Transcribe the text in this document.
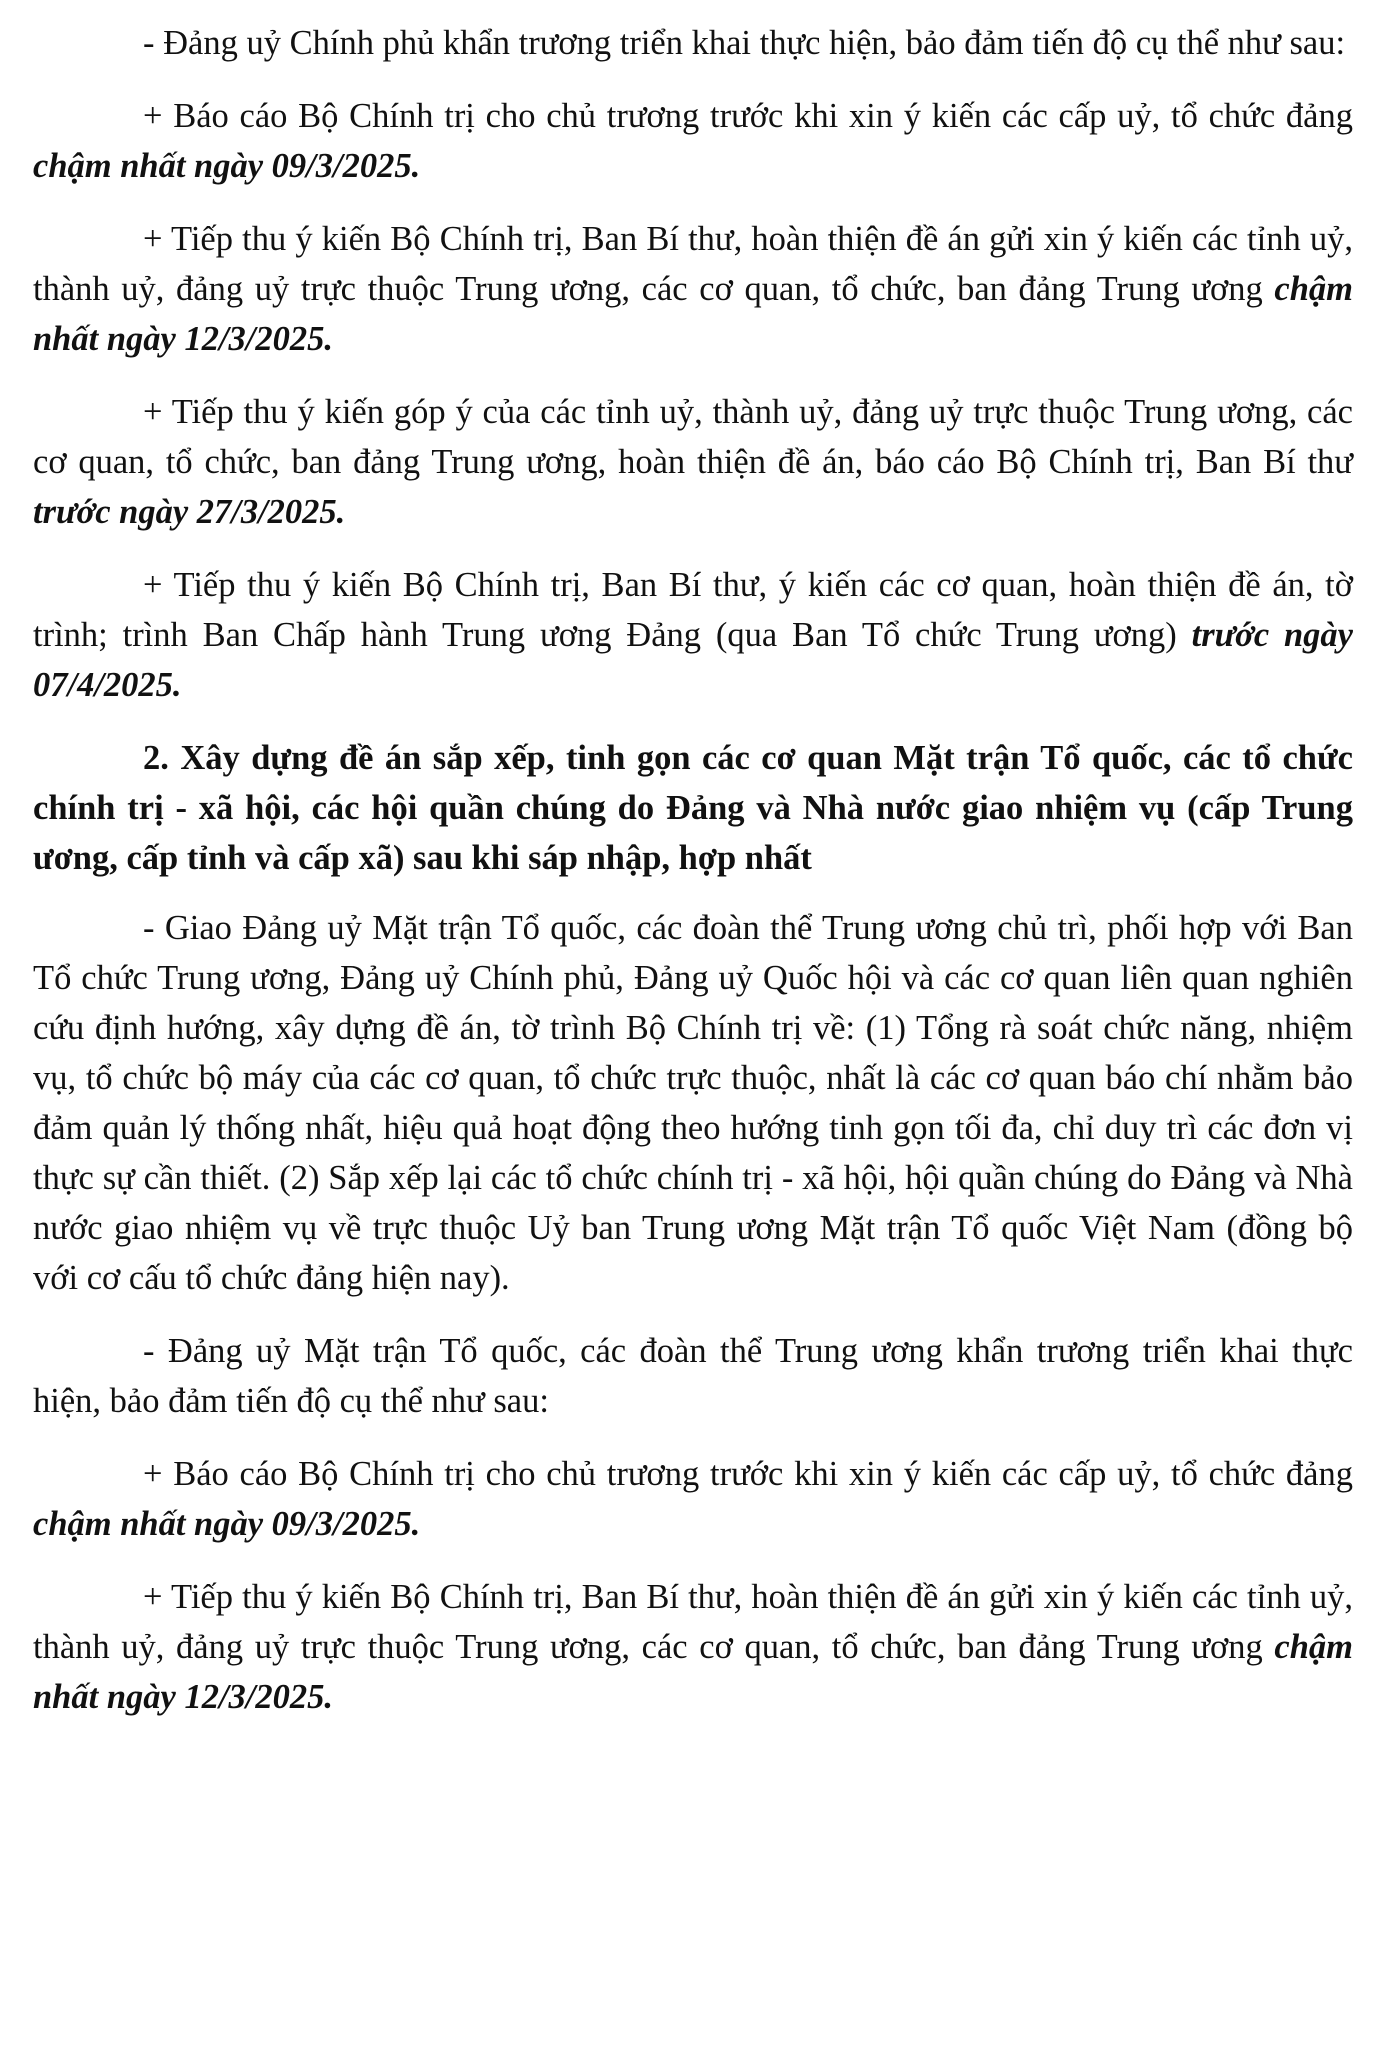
- Đảng uỷ Chính phủ khẩn trương triển khai thực hiện, bảo đảm tiến độ cụ thể như sau:

+ Báo cáo Bộ Chính trị cho chủ trương trước khi xin ý kiến các cấp uỷ, tổ chức đảng chậm nhất ngày 09/3/2025.

+ Tiếp thu ý kiến Bộ Chính trị, Ban Bí thư, hoàn thiện đề án gửi xin ý kiến các tỉnh uỷ, thành uỷ, đảng uỷ trực thuộc Trung ương, các cơ quan, tổ chức, ban đảng Trung ương chậm nhất ngày 12/3/2025.

+ Tiếp thu ý kiến góp ý của các tỉnh uỷ, thành uỷ, đảng uỷ trực thuộc Trung ương, các cơ quan, tổ chức, ban đảng Trung ương, hoàn thiện đề án, báo cáo Bộ Chính trị, Ban Bí thư trước ngày 27/3/2025.

+ Tiếp thu ý kiến Bộ Chính trị, Ban Bí thư, ý kiến các cơ quan, hoàn thiện đề án, tờ trình; trình Ban Chấp hành Trung ương Đảng (qua Ban Tổ chức Trung ương) trước ngày 07/4/2025.

2. Xây dựng đề án sắp xếp, tinh gọn các cơ quan Mặt trận Tổ quốc, các tổ chức chính trị - xã hội, các hội quần chúng do Đảng và Nhà nước giao nhiệm vụ (cấp Trung ương, cấp tỉnh và cấp xã) sau khi sáp nhập, hợp nhất

- Giao Đảng uỷ Mặt trận Tổ quốc, các đoàn thể Trung ương chủ trì, phối hợp với Ban Tổ chức Trung ương, Đảng uỷ Chính phủ, Đảng uỷ Quốc hội và các cơ quan liên quan nghiên cứu định hướng, xây dựng đề án, tờ trình Bộ Chính trị về: (1) Tổng rà soát chức năng, nhiệm vụ, tổ chức bộ máy của các cơ quan, tổ chức trực thuộc, nhất là các cơ quan báo chí nhằm bảo đảm quản lý thống nhất, hiệu quả hoạt động theo hướng tinh gọn tối đa, chỉ duy trì các đơn vị thực sự cần thiết. (2) Sắp xếp lại các tổ chức chính trị - xã hội, hội quần chúng do Đảng và Nhà nước giao nhiệm vụ về trực thuộc Uỷ ban Trung ương Mặt trận Tổ quốc Việt Nam (đồng bộ với cơ cấu tổ chức đảng hiện nay).

- Đảng uỷ Mặt trận Tổ quốc, các đoàn thể Trung ương khẩn trương triển khai thực hiện, bảo đảm tiến độ cụ thể như sau:

+ Báo cáo Bộ Chính trị cho chủ trương trước khi xin ý kiến các cấp uỷ, tổ chức đảng chậm nhất ngày 09/3/2025.

+ Tiếp thu ý kiến Bộ Chính trị, Ban Bí thư, hoàn thiện đề án gửi xin ý kiến các tỉnh uỷ, thành uỷ, đảng uỷ trực thuộc Trung ương, các cơ quan, tổ chức, ban đảng Trung ương chậm nhất ngày 12/3/2025.
